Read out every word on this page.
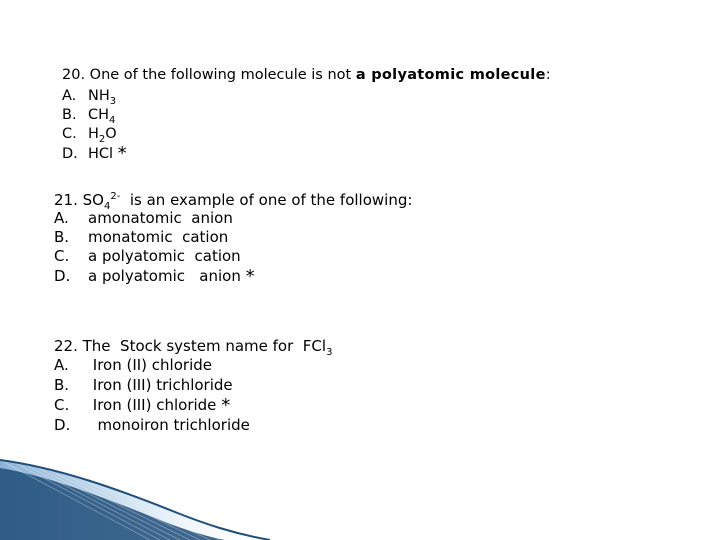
20. One of the following molecule is not a polyatomic molecule:
A. $NH_3$
B. $CH_4$
C. $H_2O$
D. HCl *
21. $SO_4^{2-}$  is an example of one of the following:
A. amonatomic  anion
B. monatomic  cation
C. a polyatomic  cation
D. a polyatomic   anion *
22. The  Stock system name for  FCl$_3$
A. Iron (II) chloride
B. Iron (III) trichloride
C. Iron (III) chloride *
D.  monoiron trichloride
